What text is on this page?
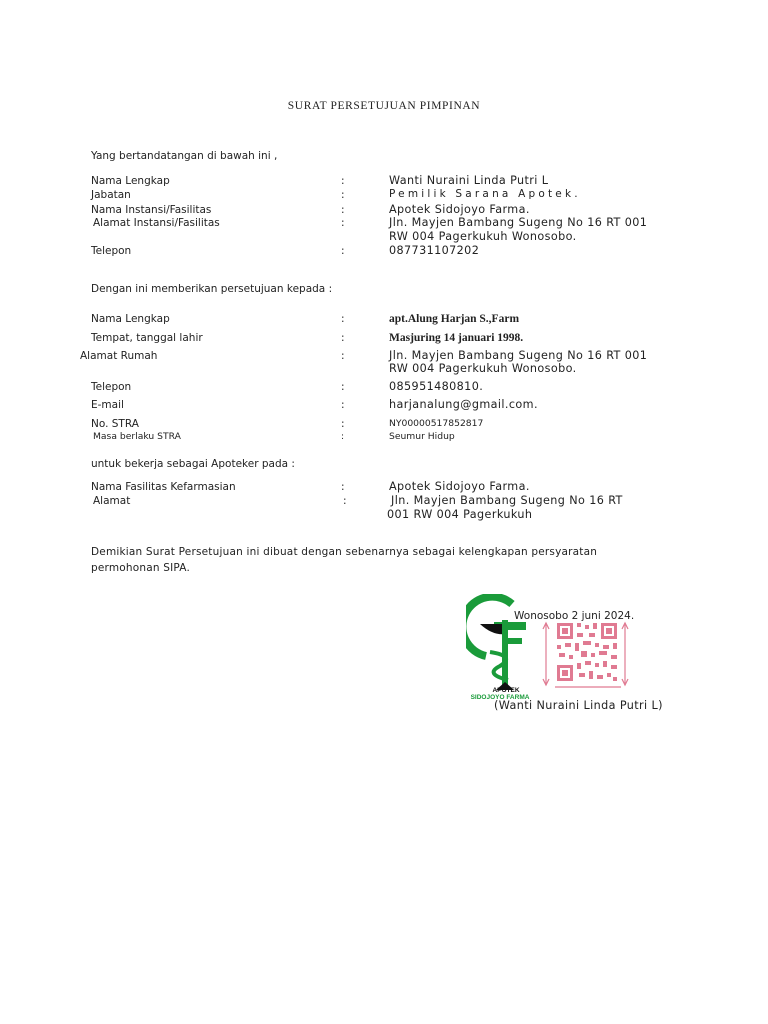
SURAT PERSETUJUAN PIMPINAN
Yang bertandatangan di bawah ini ,
Nama Lengkap	:	Wanti Nuraini Linda Putri L
Jabatan	:	Pemilik Sarana Apotek.
Nama Instansi/Fasilitas	:	Apotek Sidojoyo Farma.
Alamat Instansi/Fasilitas	:	Jln. Mayjen Bambang Sugeng No 16 RT 001
RW 004 Pagerkukuh Wonosobo.
Telepon	:	087731107202
Dengan ini memberikan persetujuan kepada :
Nama Lengkap	:	apt.Alung Harjan S.,Farm
Tempat, tanggal lahir	:	Masjuring 14 januari 1998.
Alamat Rumah	:	Jln. Mayjen Bambang Sugeng No 16 RT 001
RW 004 Pagerkukuh Wonosobo.
Telepon	:	085951480810.
E-mail	:	harjanalung@gmail.com.
No. STRA	:	NY00000517852817
Masa berlaku STRA	:	Seumur Hidup
untuk bekerja sebagai Apoteker pada :
Nama Fasilitas Kefarmasian	:	Apotek Sidojoyo Farma.
Alamat	:	Jln. Mayjen Bambang Sugeng No 16 RT
001 RW 004 Pagerkukuh
Demikian Surat Persetujuan ini dibuat dengan sebenarnya sebagai kelengkapan persyaratan permohonan SIPA.
APOTEK
SIDOJOYO FARMA
Wonosobo 2 juni 2024.
(Wanti Nuraini Linda Putri L)
